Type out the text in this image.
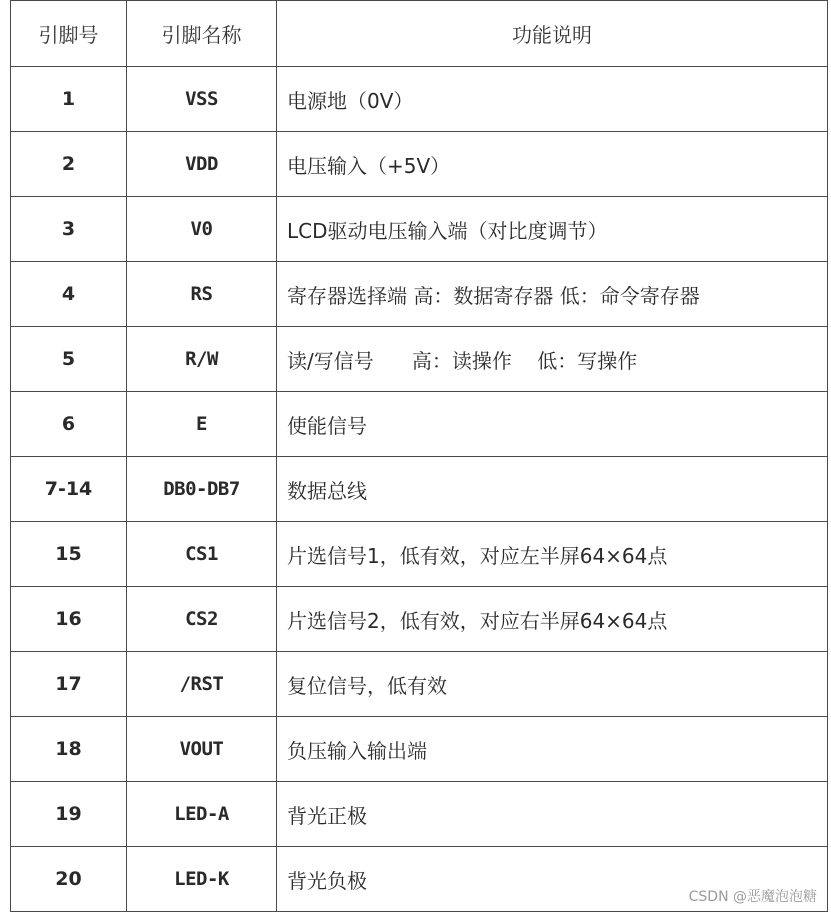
引脚号	引脚名称	功能说明
1	VSS	电源地（0V）
2	VDD	电压输入（+5V）
3	V0	LCD驱动电压输入端（对比度调节）
4	RS	寄存器选择端 高：数据寄存器 低：命令寄存器
5	R/W	读/写信号      高：读操作    低：写操作
6	E	使能信号
7-14	DB0-DB7	数据总线
15	CS1	片选信号1，低有效，对应左半屏64×64点
16	CS2	片选信号2，低有效，对应右半屏64×64点
17	/RST	复位信号，低有效
18	VOUT	负压输入输出端
19	LED-A	背光正极
20	LED-K	背光负极
CSDN @恶魔泡泡糖
